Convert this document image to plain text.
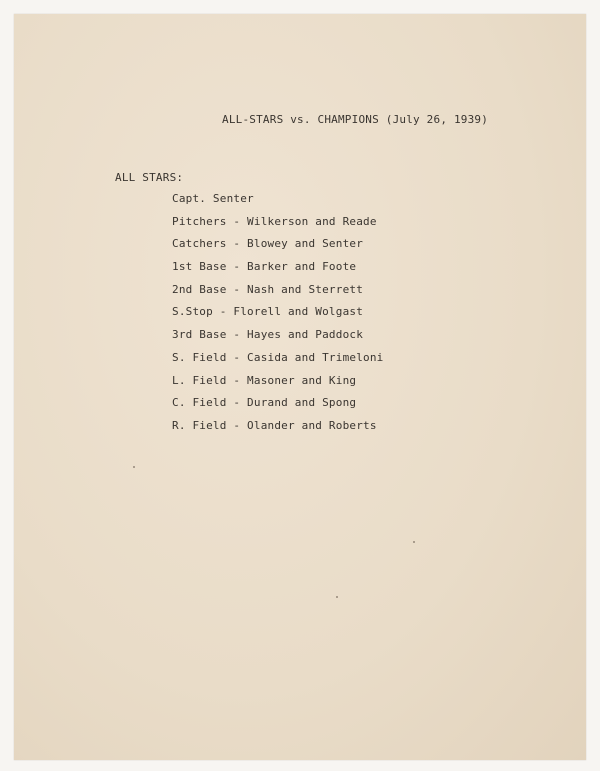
ALL-STARS vs. CHAMPIONS (July 26, 1939)
ALL STARS:
Capt. Senter
Pitchers - Wilkerson and Reade
Catchers - Blowey and Senter
1st Base - Barker and Foote
2nd Base - Nash and Sterrett
S.Stop - Florell and Wolgast
3rd Base - Hayes and Paddock
S. Field - Casida and Trimeloni
L. Field - Masoner and King
C. Field - Durand and Spong
R. Field - Olander and Roberts
